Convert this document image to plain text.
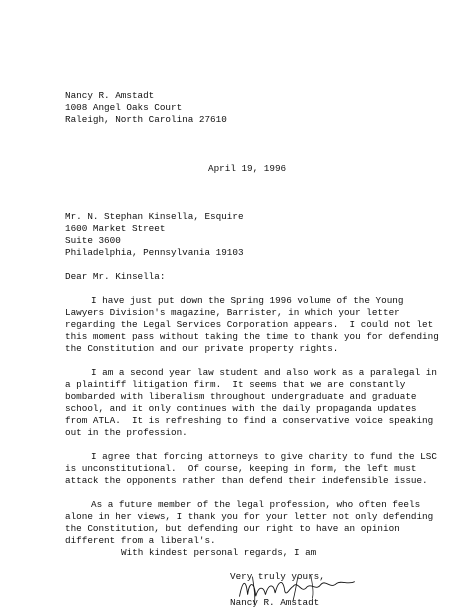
Nancy R. Amstadt
1008 Angel Oaks Court
Raleigh, North Carolina 27610
April 19, 1996
Mr. N. Stephan Kinsella, Esquire
1600 Market Street
Suite 3600
Philadelphia, Pennsylvania 19103
Dear Mr. Kinsella:
I have just put down the Spring 1996 volume of the Young
Lawyers Division's magazine, Barrister, in which your letter
regarding the Legal Services Corporation appears.  I could not let
this moment pass without taking the time to thank you for defending
the Constitution and our private property rights.
I am a second year law student and also work as a paralegal in
a plaintiff litigation firm.  It seems that we are constantly
bombarded with liberalism throughout undergraduate and graduate
school, and it only continues with the daily propaganda updates
from ATLA.  It is refreshing to find a conservative voice speaking
out in the profession.
I agree that forcing attorneys to give charity to fund the LSC
is unconstitutional.  Of course, keeping in form, the left must
attack the opponents rather than defend their indefensible issue.
As a future member of the legal profession, who often feels
alone in her views, I thank you for your letter not only defending
the Constitution, but defending our right to have an opinion
different from a liberal's.
With kindest personal regards, I am
Very truly yours,
Nancy R. Amstadt
